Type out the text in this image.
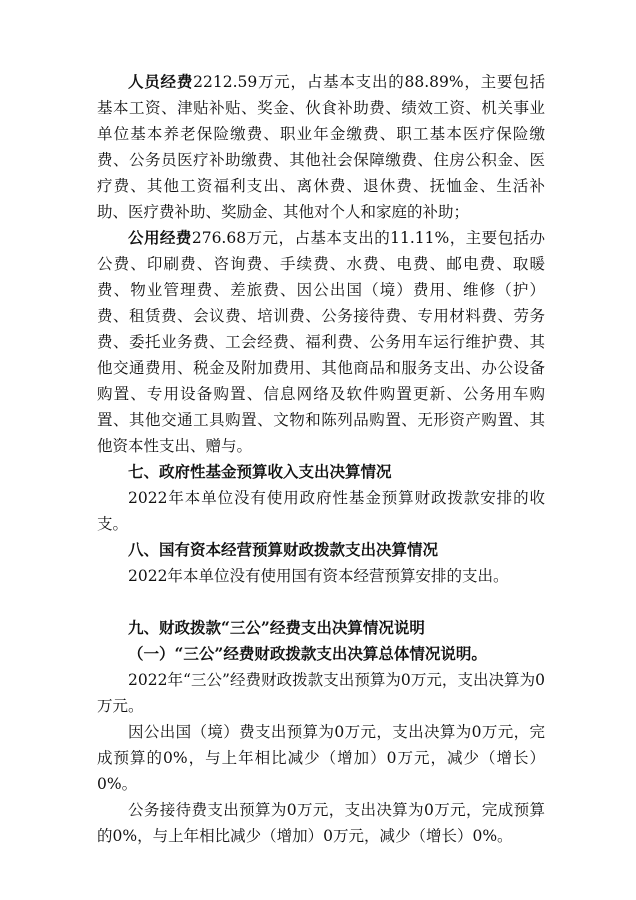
人员经费2212.59万元，占基本支出的88.89%，主要包括基本工资、津贴补贴、奖金、伙食补助费、绩效工资、机关事业单位基本养老保险缴费、职业年金缴费、职工基本医疗保险缴费、公务员医疗补助缴费、其他社会保障缴费、住房公积金、医疗费、其他工资福利支出、离休费、退休费、抚恤金、生活补助、医疗费补助、奖励金、其他对个人和家庭的补助；

公用经费276.68万元，占基本支出的11.11%，主要包括办公费、印刷费、咨询费、手续费、水费、电费、邮电费、取暖费、物业管理费、差旅费、因公出国（境）费用、维修（护）费、租赁费、会议费、培训费、公务接待费、专用材料费、劳务费、委托业务费、工会经费、福利费、公务用车运行维护费、其他交通费用、税金及附加费用、其他商品和服务支出、办公设备购置、专用设备购置、信息网络及软件购置更新、公务用车购置、其他交通工具购置、文物和陈列品购置、无形资产购置、其他资本性支出、赠与。

七、政府性基金预算收入支出决算情况

2022年本单位没有使用政府性基金预算财政拨款安排的收支。

八、国有资本经营预算财政拨款支出决算情况

2022年本单位没有使用国有资本经营预算安排的支出。

九、财政拨款“三公”经费支出决算情况说明
（一）“三公”经费财政拨款支出决算总体情况说明。

2022年“三公”经费财政拨款支出预算为0万元，支出决算为0万元。

因公出国（境）费支出预算为0万元，支出决算为0万元，完成预算的0%，与上年相比减少（增加）0万元，减少（增长）0%。

公务接待费支出预算为0万元，支出决算为0万元，完成预算的0%，与上年相比减少（增加）0万元，减少（增长）0%。
